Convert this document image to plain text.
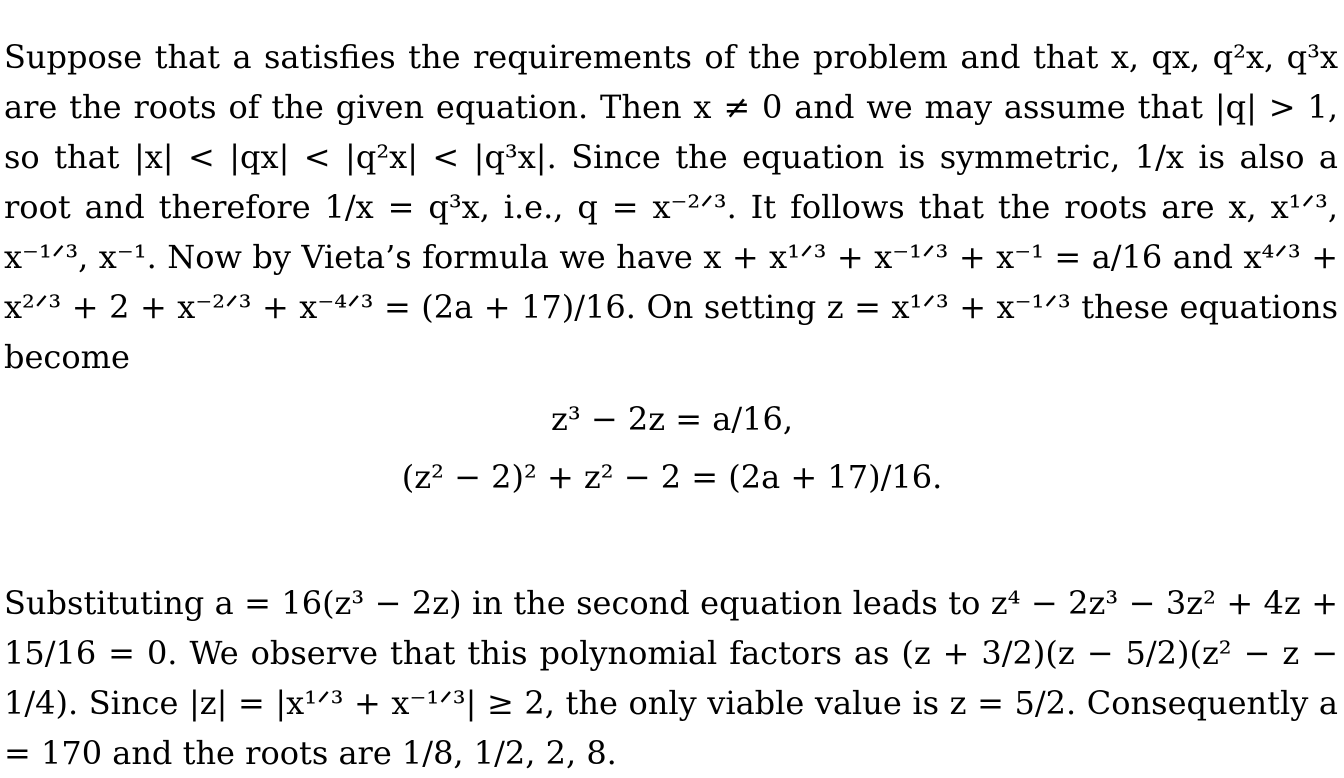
Suppose that a satisfies the requirements of the problem and that x, qx, q²x, q³x are the roots of the given equation. Then x ≠ 0 and we may assume that |q| > 1, so that |x| < |qx| < |q²x| < |q³x|. Since the equation is symmetric, 1/x is also a root and therefore 1/x = q³x, i.e., q = x⁻²ᐟ³. It follows that the roots are x, x¹ᐟ³, x⁻¹ᐟ³, x⁻¹. Now by Vieta’s formula we have x + x¹ᐟ³ + x⁻¹ᐟ³ + x⁻¹ = a/16 and x⁴ᐟ³ + x²ᐟ³ + 2 + x⁻²ᐟ³ + x⁻⁴ᐟ³ = (2a + 17)/16. On setting z = x¹ᐟ³ + x⁻¹ᐟ³ these equations become

z³ − 2z = a/16,
(z² − 2)² + z² − 2 = (2a + 17)/16.

Substituting a = 16(z³ − 2z) in the second equation leads to z⁴ − 2z³ − 3z² + 4z + 15/16 = 0. We observe that this polynomial factors as (z + 3/2)(z − 5/2)(z² − z − 1/4). Since |z| = |x¹ᐟ³ + x⁻¹ᐟ³| ≥ 2, the only viable value is z = 5/2. Consequently a = 170 and the roots are 1/8, 1/2, 2, 8.
